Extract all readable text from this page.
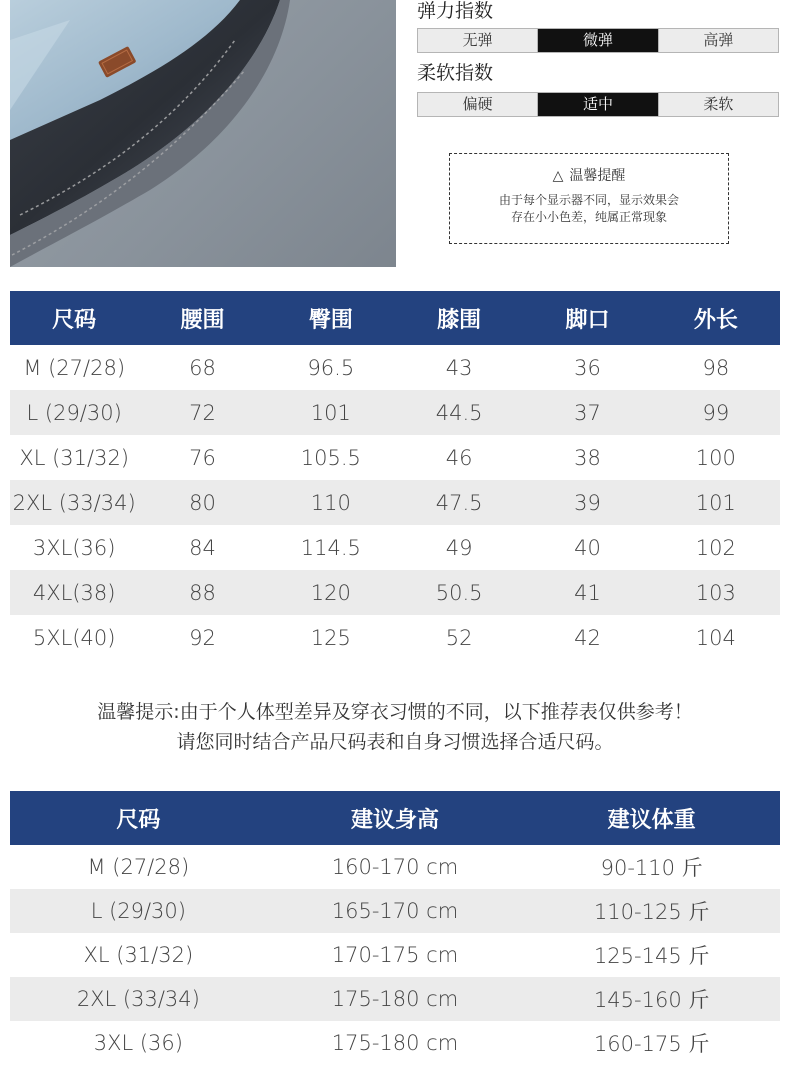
弹力指数
无弹	微弹	高弹
柔软指数
偏硬	适中	柔软
△ 温馨提醒
由于每个显示器不同，显示效果会
存在小小色差，纯属正常现象
尺码	腰围	臀围	膝围	脚口	外长
M (27/28)	68	96.5	43	36	98
L (29/30)	72	101	44.5	37	99
XL (31/32)	76	105.5	46	38	100
2XL (33/34)	80	110	47.5	39	101
3XL(36)	84	114.5	49	40	102
4XL(38)	88	120	50.5	41	103
5XL(40)	92	125	52	42	104
温馨提示:由于个人体型差异及穿衣习惯的不同，以下推荐表仅供参考！
请您同时结合产品尺码表和自身习惯选择合适尺码。
尺码	建议身高	建议体重
M (27/28)	160-170 cm	90-110 斤
L (29/30)	165-170 cm	110-125 斤
XL (31/32)	170-175 cm	125-145 斤
2XL (33/34)	175-180 cm	145-160 斤
3XL (36)	175-180 cm	160-175 斤
